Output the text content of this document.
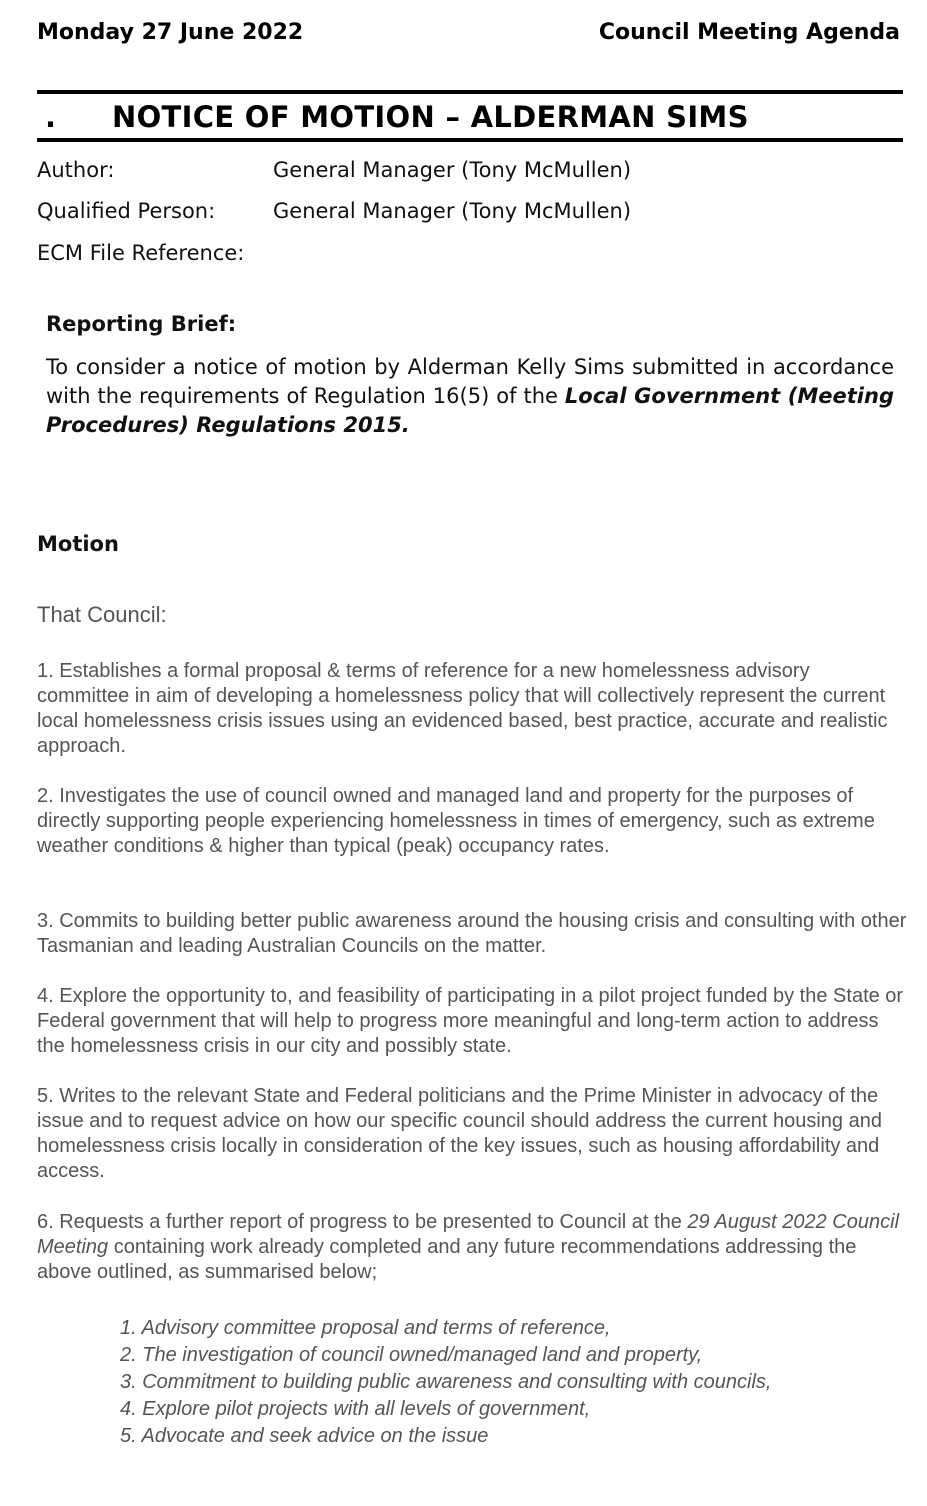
Monday 27 June 2022	Council Meeting Agenda
. NOTICE OF MOTION – ALDERMAN SIMS
Author:	General Manager (Tony McMullen)
Qualified Person:	General Manager (Tony McMullen)
ECM File Reference:
Reporting Brief:
To consider a notice of motion by Alderman Kelly Sims submitted in accordance with the requirements of Regulation 16(5) of the Local Government (Meeting Procedures) Regulations 2015.
Motion
That Council:
1. Establishes a formal proposal & terms of reference for a new homelessness advisory committee in aim of developing a homelessness policy that will collectively represent the current local homelessness crisis issues using an evidenced based, best practice, accurate and realistic approach.
2. Investigates the use of council owned and managed land and property for the purposes of directly supporting people experiencing homelessness in times of emergency, such as extreme weather conditions & higher than typical (peak) occupancy rates.
3. Commits to building better public awareness around the housing crisis and consulting with other Tasmanian and leading Australian Councils on the matter.
4. Explore the opportunity to, and feasibility of participating in a pilot project funded by the State or Federal government that will help to progress more meaningful and long-term action to address the homelessness crisis in our city and possibly state.
5. Writes to the relevant State and Federal politicians and the Prime Minister in advocacy of the issue and to request advice on how our specific council should address the current housing and homelessness crisis locally in consideration of the key issues, such as housing affordability and access.
6. Requests a further report of progress to be presented to Council at the 29 August 2022 Council Meeting containing work already completed and any future recommendations addressing the above outlined, as summarised below;
1. Advisory committee proposal and terms of reference,
2. The investigation of council owned/managed land and property,
3. Commitment to building public awareness and consulting with councils,
4. Explore pilot projects with all levels of government,
5. Advocate and seek advice on the issue
